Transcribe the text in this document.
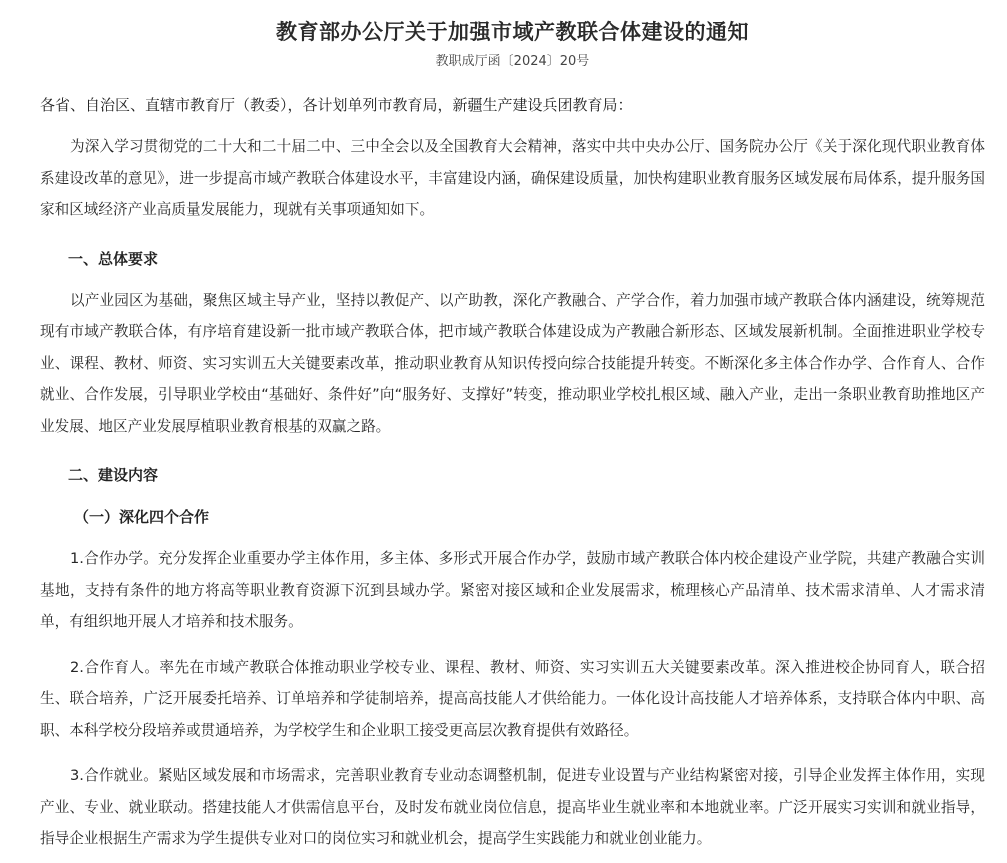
教育部办公厅关于加强市域产教联合体建设的通知
教职成厅函〔2024〕20号

各省、自治区、直辖市教育厅（教委），各计划单列市教育局，新疆生产建设兵团教育局：

为深入学习贯彻党的二十大和二十届二中、三中全会以及全国教育大会精神，落实中共中央办公厅、国务院办公厅《关于深化现代职业教育体系建设改革的意见》，进一步提高市域产教联合体建设水平，丰富建设内涵，确保建设质量，加快构建职业教育服务区域发展布局体系，提升服务国家和区域经济产业高质量发展能力，现就有关事项通知如下。

一、总体要求

以产业园区为基础，聚焦区域主导产业，坚持以教促产、以产助教，深化产教融合、产学合作，着力加强市域产教联合体内涵建设，统筹规范现有市域产教联合体，有序培育建设新一批市域产教联合体，把市域产教联合体建设成为产教融合新形态、区域发展新机制。全面推进职业学校专业、课程、教材、师资、实习实训五大关键要素改革，推动职业教育从知识传授向综合技能提升转变。不断深化多主体合作办学、合作育人、合作就业、合作发展，引导职业学校由“基础好、条件好”向“服务好、支撑好”转变，推动职业学校扎根区域、融入产业，走出一条职业教育助推地区产业发展、地区产业发展厚植职业教育根基的双赢之路。

二、建设内容
（一）深化四个合作

1.合作办学。充分发挥企业重要办学主体作用，多主体、多形式开展合作办学，鼓励市域产教联合体内校企建设产业学院，共建产教融合实训基地，支持有条件的地方将高等职业教育资源下沉到县域办学。紧密对接区域和企业发展需求，梳理核心产品清单、技术需求清单、人才需求清单，有组织地开展人才培养和技术服务。

2.合作育人。率先在市域产教联合体推动职业学校专业、课程、教材、师资、实习实训五大关键要素改革。深入推进校企协同育人，联合招生、联合培养，广泛开展委托培养、订单培养和学徒制培养，提高高技能人才供给能力。一体化设计高技能人才培养体系，支持联合体内中职、高职、本科学校分段培养或贯通培养，为学校学生和企业职工接受更高层次教育提供有效路径。

3.合作就业。紧贴区域发展和市场需求，完善职业教育专业动态调整机制，促进专业设置与产业结构紧密对接，引导企业发挥主体作用，实现产业、专业、就业联动。搭建技能人才供需信息平台，及时发布就业岗位信息，提高毕业生就业率和本地就业率。广泛开展实习实训和就业指导，指导企业根据生产需求为学生提供专业对口的岗位实习和就业机会，提高学生实践能力和就业创业能力。
